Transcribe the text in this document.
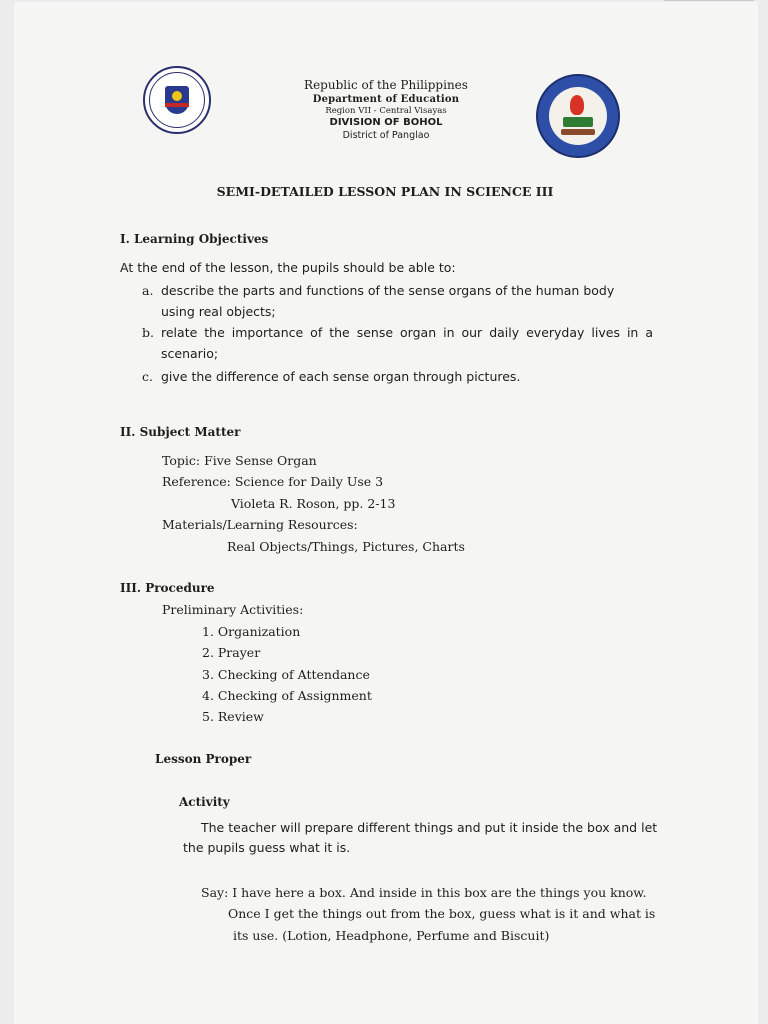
Republic of the Philippines
Department of Education
Region VII - Central Visayas
DIVISION OF BOHOL
District of Panglao
SEMI-DETAILED LESSON PLAN IN SCIENCE III
I. Learning Objectives
At the end of the lesson, the pupils should be able to:
a. describe the parts and functions of the sense organs of the human body
using real objects;
b. relate the importance of the sense organ in our daily everyday lives in a
scenario;
c. give the difference of each sense organ through pictures.
II. Subject Matter
Topic: Five Sense Organ
Reference: Science for Daily Use 3
Violeta R. Roson, pp. 2-13
Materials/Learning Resources:
Real Objects/Things, Pictures, Charts
III. Procedure
Preliminary Activities:
1. Organization
2. Prayer
3. Checking of Attendance
4. Checking of Assignment
5. Review
Lesson Proper
Activity
The teacher will prepare different things and put it inside the box and let
the pupils guess what it is.
Say: I have here a box. And inside in this box are the things you know.
Once I get the things out from the box, guess what is it and what is
its use. (Lotion, Headphone, Perfume and Biscuit)
